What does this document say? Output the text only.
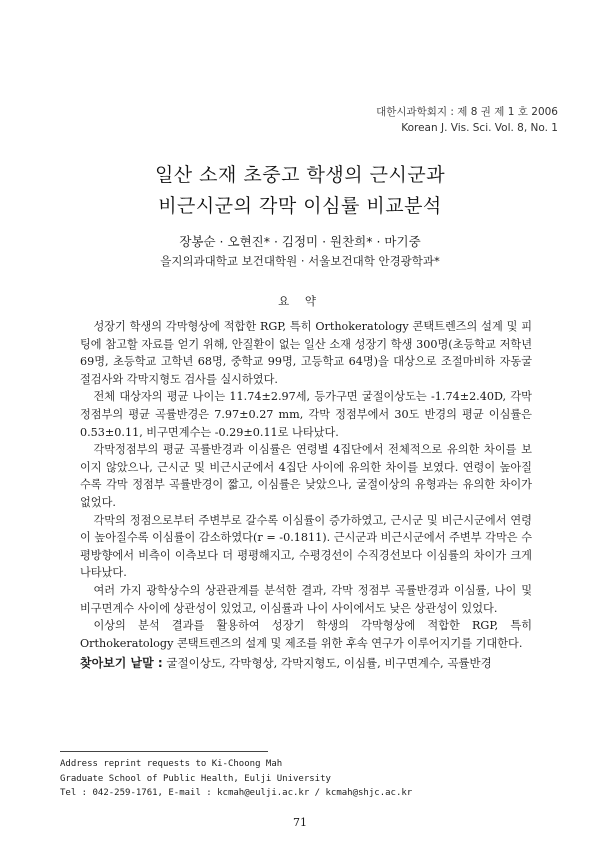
대한시과학회지 : 제 8 권 제 1 호 2006
Korean J. Vis. Sci. Vol. 8, No. 1
일산 소재 초중고 학생의 근시군과
비근시군의 각막 이심률 비교분석
장봉순 · 오현진* · 김정미 · 원찬희* · 마기중
을지의과대학교 보건대학원 · 서울보건대학 안경광학과*
요 약

성장기 학생의 각막형상에 적합한 RGP, 특히 Orthokeratology 콘택트렌즈의 설계 및 피팅에 참고할 자료를 얻기 위해, 안질환이 없는 일산 소재 성장기 학생 300명(초등학교 저학년 69명, 초등학교 고학년 68명, 중학교 99명, 고등학교 64명)을 대상으로 조절마비하 자동굴절검사와 각막지형도 검사를 실시하였다.

전체 대상자의 평균 나이는 11.74±2.97세, 등가구면 굴절이상도는 -1.74±2.40D, 각막 정점부의 평균 곡률반경은 7.97±0.27 mm, 각막 정점부에서 30도 반경의 평균 이심률은 0.53±0.11, 비구면계수는 -0.29±0.11로 나타났다.

각막정점부의 평균 곡률반경과 이심률은 연령별 4집단에서 전체적으로 유의한 차이를 보이지 않았으나, 근시군 및 비근시군에서 4집단 사이에 유의한 차이를 보였다. 연령이 높아질수록 각막 정점부 곡률반경이 짧고, 이심률은 낮았으나, 굴절이상의 유형과는 유의한 차이가 없었다.

각막의 정점으로부터 주변부로 갈수록 이심률이 증가하였고, 근시군 및 비근시군에서 연령이 높아질수록 이심률이 감소하였다(r = -0.1811). 근시군과 비근시군에서 주변부 각막은 수평방향에서 비측이 이측보다 더 평평해지고, 수평경선이 수직경선보다 이심률의 차이가 크게 나타났다.

여러 가지 광학상수의 상관관계를 분석한 결과, 각막 정점부 곡률반경과 이심률, 나이 및 비구면계수 사이에 상관성이 있었고, 이심률과 나이 사이에서도 낮은 상관성이 있었다.

이상의 분석 결과를 활용하여 성장기 학생의 각막형상에 적합한 RGP, 특히 Orthokeratology 콘택트렌즈의 설계 및 제조를 위한 후속 연구가 이루어지기를 기대한다.

찾아보기 낱말 : 굴절이상도, 각막형상, 각막지형도, 이심률, 비구면계수, 곡률반경
Address reprint requests to Ki-Choong Mah
Graduate School of Public Health, Eulji University
Tel : 042-259-1761, E-mail : kcmah@eulji.ac.kr / kcmah@shjc.ac.kr
71
